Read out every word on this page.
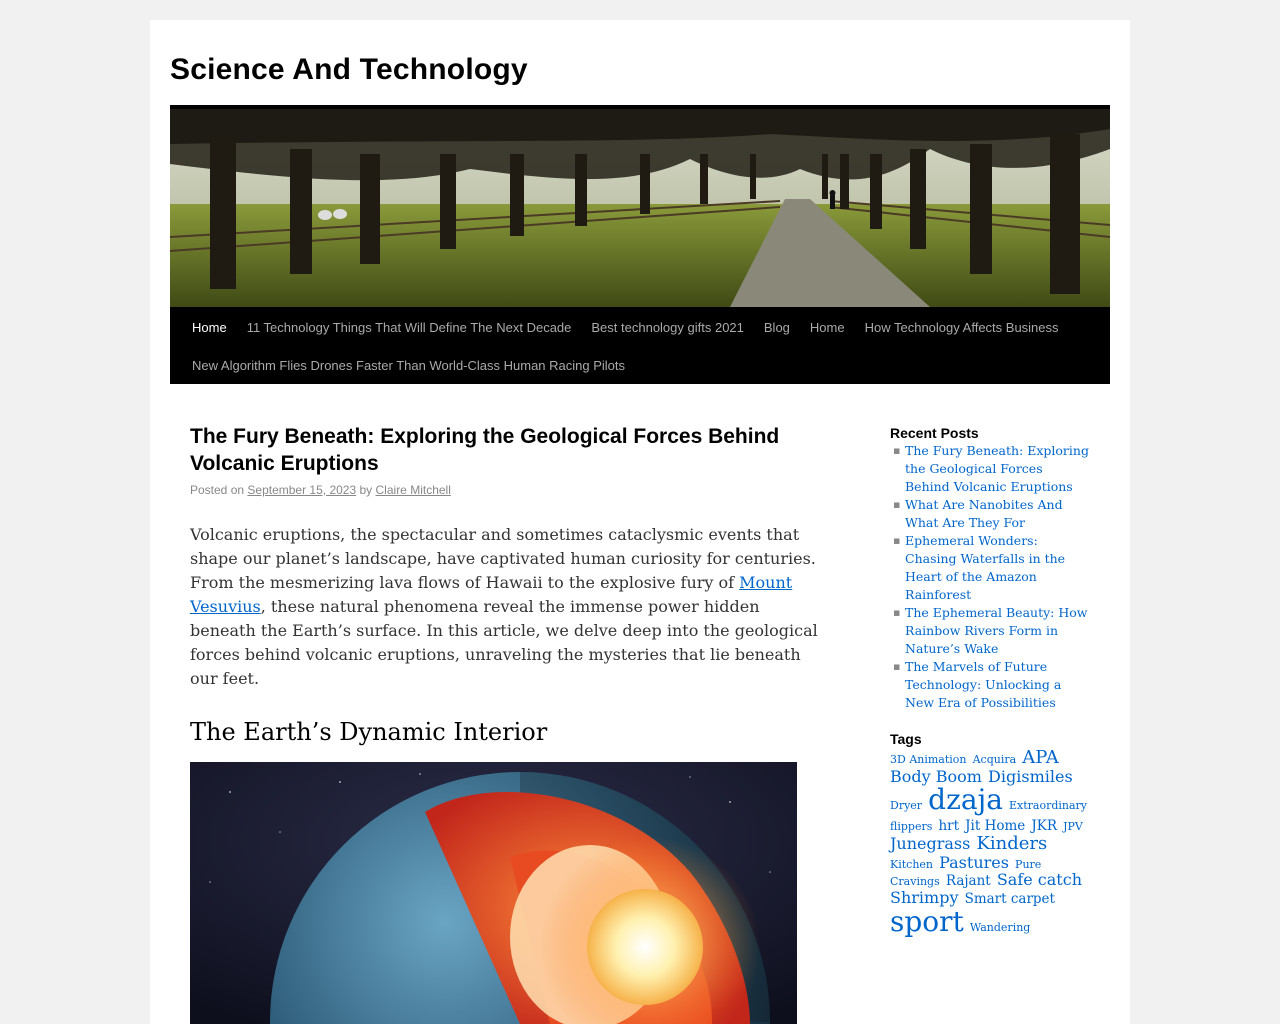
Science And Technology
Home	11 Technology Things That Will Define The Next Decade	Best technology gifts 2021	Blog	Home	How Technology Affects Business
New Algorithm Flies Drones Faster Than World-Class Human Racing Pilots
The Fury Beneath: Exploring the Geological Forces Behind Volcanic Eruptions
Posted on September 15, 2023 by Claire Mitchell

Volcanic eruptions, the spectacular and sometimes cataclysmic events that shape our planet’s landscape, have captivated human curiosity for centuries. From the mesmerizing lava flows of Hawaii to the explosive fury of Mount Vesuvius, these natural phenomena reveal the immense power hidden beneath the Earth’s surface. In this article, we delve deep into the geological forces behind volcanic eruptions, unraveling the mysteries that lie beneath our feet.

The Earth’s Dynamic Interior
Recent Posts
▪ The Fury Beneath: Exploring the Geological Forces Behind Volcanic Eruptions
▪ What Are Nanobites And What Are They For
▪ Ephemeral Wonders: Chasing Waterfalls in the Heart of the Amazon Rainforest
▪ The Ephemeral Beauty: How Rainbow Rivers Form in Nature’s Wake
▪ The Marvels of Future Technology: Unlocking a New Era of Possibilities
Tags
3D Animation Acquira APA Body Boom Digismiles Dryer dzaja Extraordinary flippers hrt Jit Home JKR JPV Junegrass Kinders Kitchen Pastures Pure Cravings Rajant Safe catch Shrimpy Smart carpet sport Wandering
